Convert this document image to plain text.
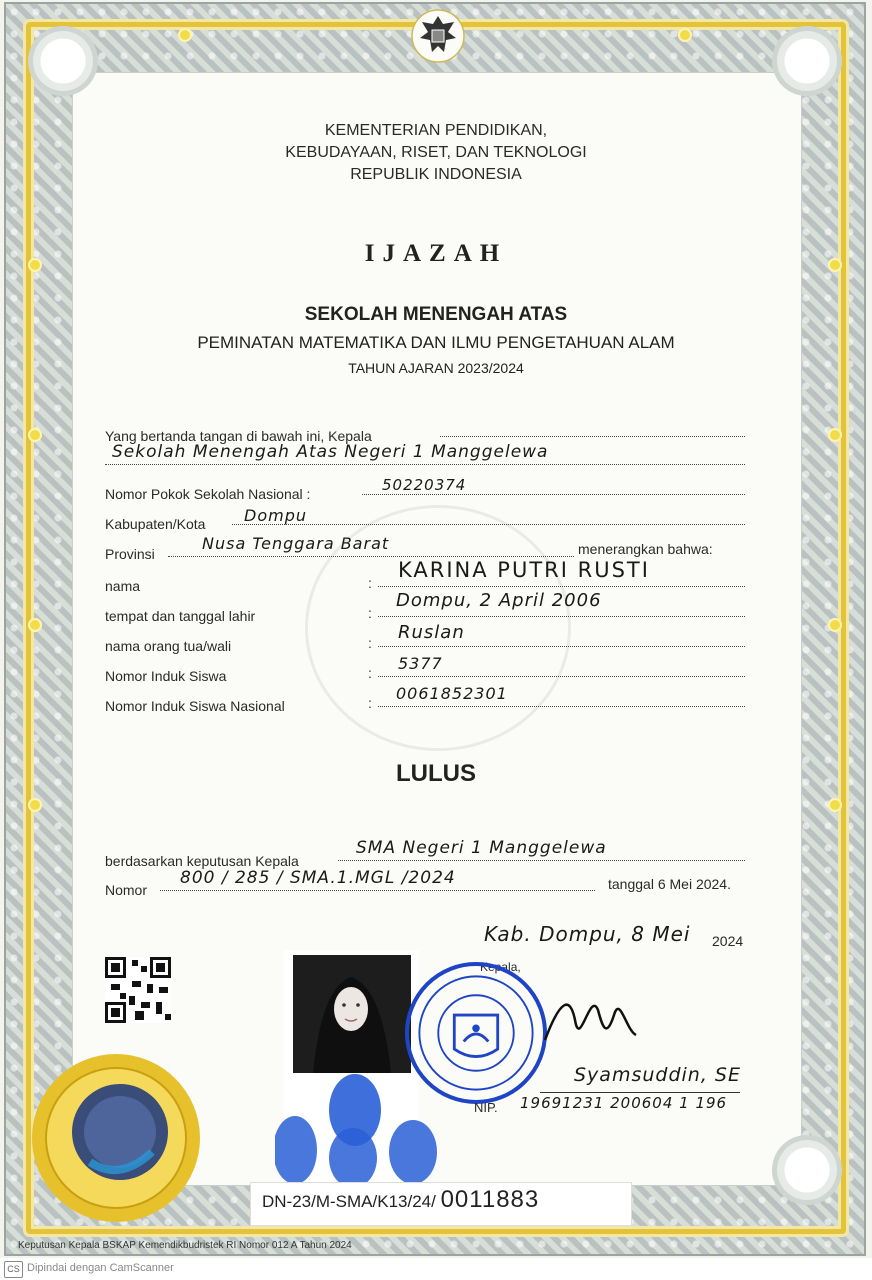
KEMENTERIAN PENDIDIKAN,
KEBUDAYAAN, RISET, DAN TEKNOLOGI
REPUBLIK INDONESIA
IJAZAH
SEKOLAH MENENGAH ATAS
PEMINATAN MATEMATIKA DAN ILMU PENGETAHUAN ALAM
TAHUN AJARAN 2023/2024
Yang bertanda tangan di bawah ini, Kepala
Sekolah Menengah Atas Negeri 1 Manggelewa
Nomor Pokok Sekolah Nasional :	50220374
Kabupaten/Kota Dompu
Provinsi
Nusa Tenggara Barat	menerangkan bahwa:
nama	:
KARINA PUTRI RUSTI
tempat dan tanggal lahir	:
Dompu, 2 April 2006
nama orang tua/wali	: Ruslan
Nomor Induk Siswa	: 5377
Nomor Induk Siswa Nasional	: 0061852301
LULUS
berdasarkan keputusan Kepala
SMA Negeri 1 Manggelewa
Nomor
800 / 285 / SMA.1.MGL /2024	tanggal 6 Mei 2024.
Kab. Dompu, 8 Mei 2024
Kepala,
Syamsuddin, SE
NIP. 19691231 200604 1 196
DN-23/M-SMA/K13/24/ 0011883
Keputusan Kepala BSKAP Kemendikbudristek RI Nomor 012 A Tahun 2024
CS Dipindai dengan CamScanner
